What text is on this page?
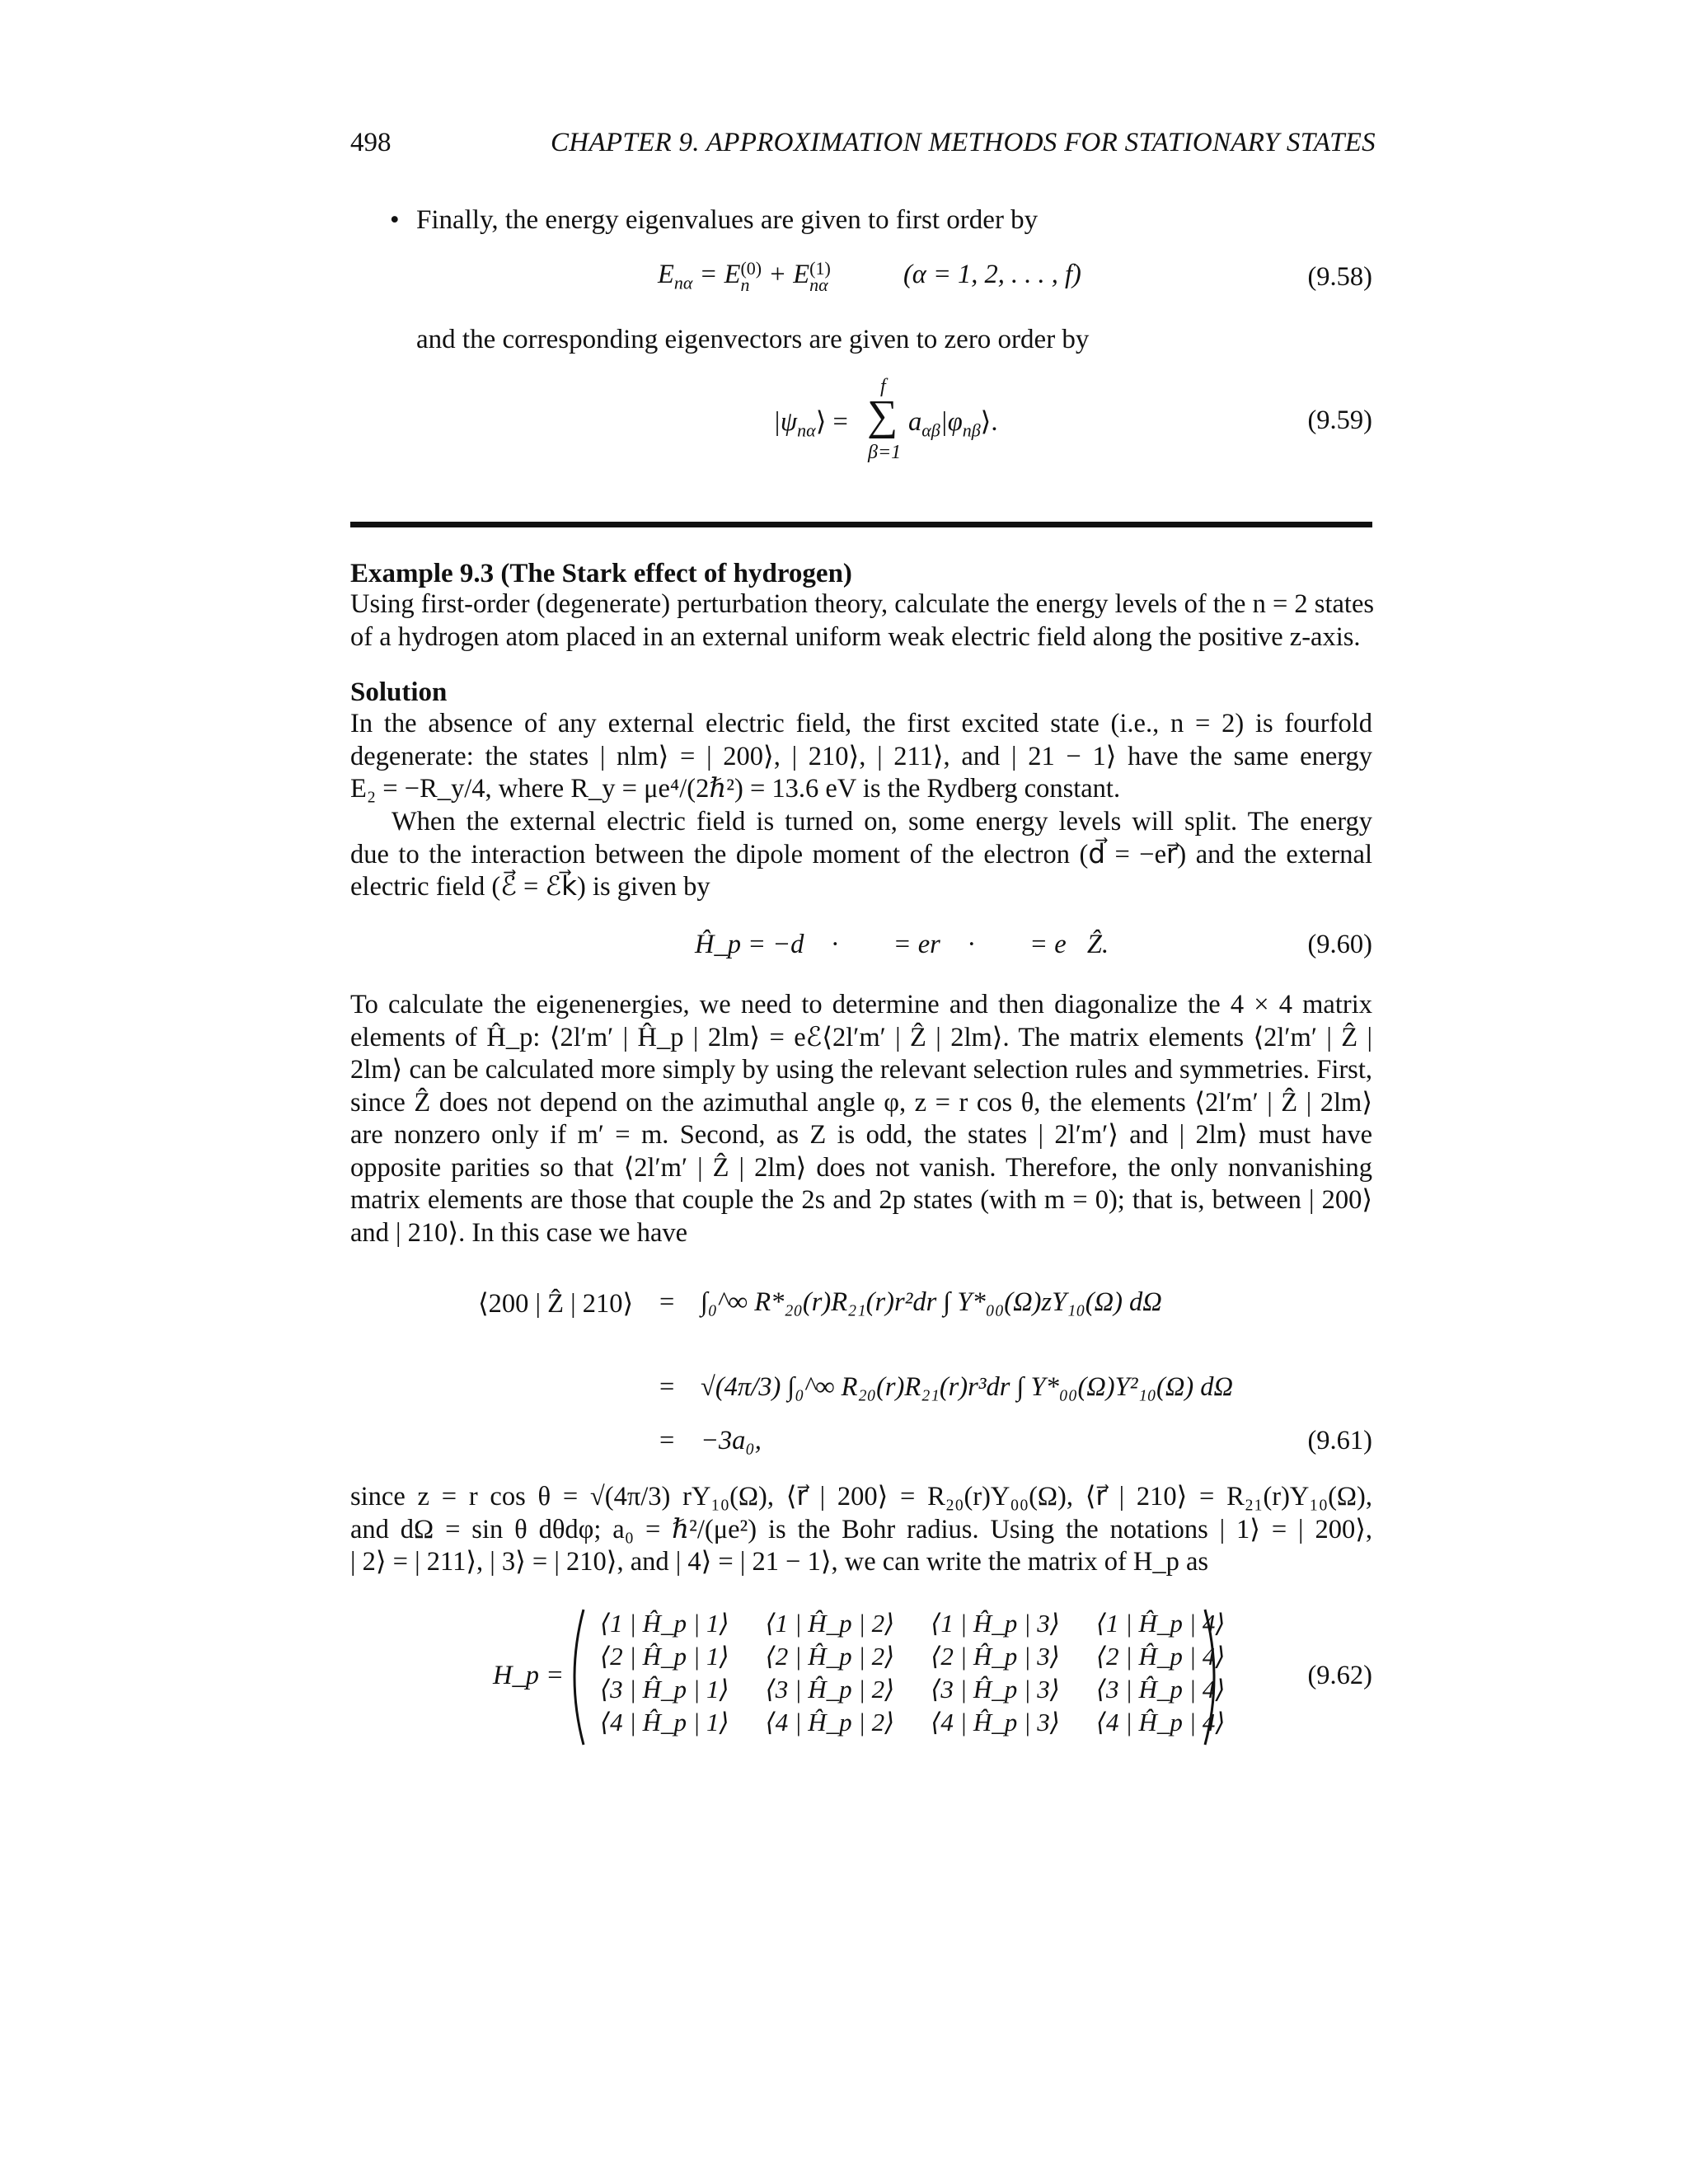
498	CHAPTER 9. APPROXIMATION METHODS FOR STATIONARY STATES
• Finally, the energy eigenvalues are given to first order by
$E_{n\alpha} = E$ (0)
n + E (1)
nα	(α = 1, 2, . . . , f)	(9.58)
and the corresponding eigenvectors are given to zero order by
$|\psi_{n\alpha}⟩$ =
f
∑
β=1
$a_{\alpha\beta}|\varphi_{n\beta}⟩$.	(9.59)
Example 9.3 (The Stark effect of hydrogen)
Using first-order (degenerate) perturbation theory, calculate the energy levels of the n = 2 states
of a hydrogen atom placed in an external uniform weak electric field along the positive z-axis.
Solution
In the absence of any external electric field, the first excited state (i.e., n = 2) is fourfold
degenerate: the states | nlm⟩ = | 200⟩, | 210⟩, | 211⟩, and | 21 − 1⟩ have the same energy
E₂ = −R_y/4, where R_y = μe⁴/(2ℏ²) = 13.6 eV is the Rydberg constant.
When the external electric field is turned on, some energy levels will split. The energy
due to the interaction between the dipole moment of the electron (d⃗ = −er⃗) and the external
electric field (ℰ⃗ = ℰk⃗) is given by
Ĥ_p = −d⃗ · ℰ⃗ = er⃗ · ℰ⃗ = eℰẐ.	(9.60)
To calculate the eigenenergies, we need to determine and then diagonalize the 4 × 4 matrix
elements of Ĥ_p: ⟨2l′m′ | Ĥ_p | 2lm⟩ = eℰ⟨2l′m′ | Ẑ | 2lm⟩. The matrix elements ⟨2l′m′ | Ẑ |
2lm⟩ can be calculated more simply by using the relevant selection rules and symmetries. First,
since Ẑ does not depend on the azimuthal angle φ, z = r cos θ, the elements ⟨2l′m′ | Ẑ | 2lm⟩
are nonzero only if m′ = m. Second, as Z is odd, the states | 2l′m′⟩ and | 2lm⟩ must have
opposite parities so that ⟨2l′m′ | Ẑ | 2lm⟩ does not vanish. Therefore, the only nonvanishing
matrix elements are those that couple the 2s and 2p states (with m = 0); that is, between | 200⟩
and | 210⟩. In this case we have
⟨200 | Ẑ | 210⟩ = ∫₀^∞ R*₂₀(r)R₂₁(r)r²dr ∫ Y*₀₀(Ω)zY₁₀(Ω) dΩ
= √(4π/3) ∫₀^∞ R₂₀(r)R₂₁(r)r³dr ∫ Y*₀₀(Ω)Y²₁₀(Ω) dΩ
= −3a₀,	(9.61)
since z = r cos θ = √(4π/3) rY₁₀(Ω), ⟨r⃗ | 200⟩ = R₂₀(r)Y₀₀(Ω), ⟨r⃗ | 210⟩ = R₂₁(r)Y₁₀(Ω),
and dΩ = sin θ dθdφ; a₀ = ℏ²/(μe²) is the Bohr radius. Using the notations | 1⟩ = | 200⟩,
| 2⟩ = | 211⟩, | 3⟩ = | 210⟩, and | 4⟩ = | 21 − 1⟩, we can write the matrix of H_p as
H_p =
⟨1 | Ĥ_p | 1⟩	⟨1 | Ĥ_p | 2⟩	⟨1 | Ĥ_p | 3⟩	⟨1 | Ĥ_p | 4⟩
⟨2 | Ĥ_p | 1⟩	⟨2 | Ĥ_p | 2⟩	⟨2 | Ĥ_p | 3⟩	⟨2 | Ĥ_p | 4⟩
⟨3 | Ĥ_p | 1⟩	⟨3 | Ĥ_p | 2⟩	⟨3 | Ĥ_p | 3⟩	⟨3 | Ĥ_p | 4⟩
⟨4 | Ĥ_p | 1⟩	⟨4 | Ĥ_p | 2⟩	⟨4 | Ĥ_p | 3⟩	⟨4 | Ĥ_p | 4⟩
(9.62)
